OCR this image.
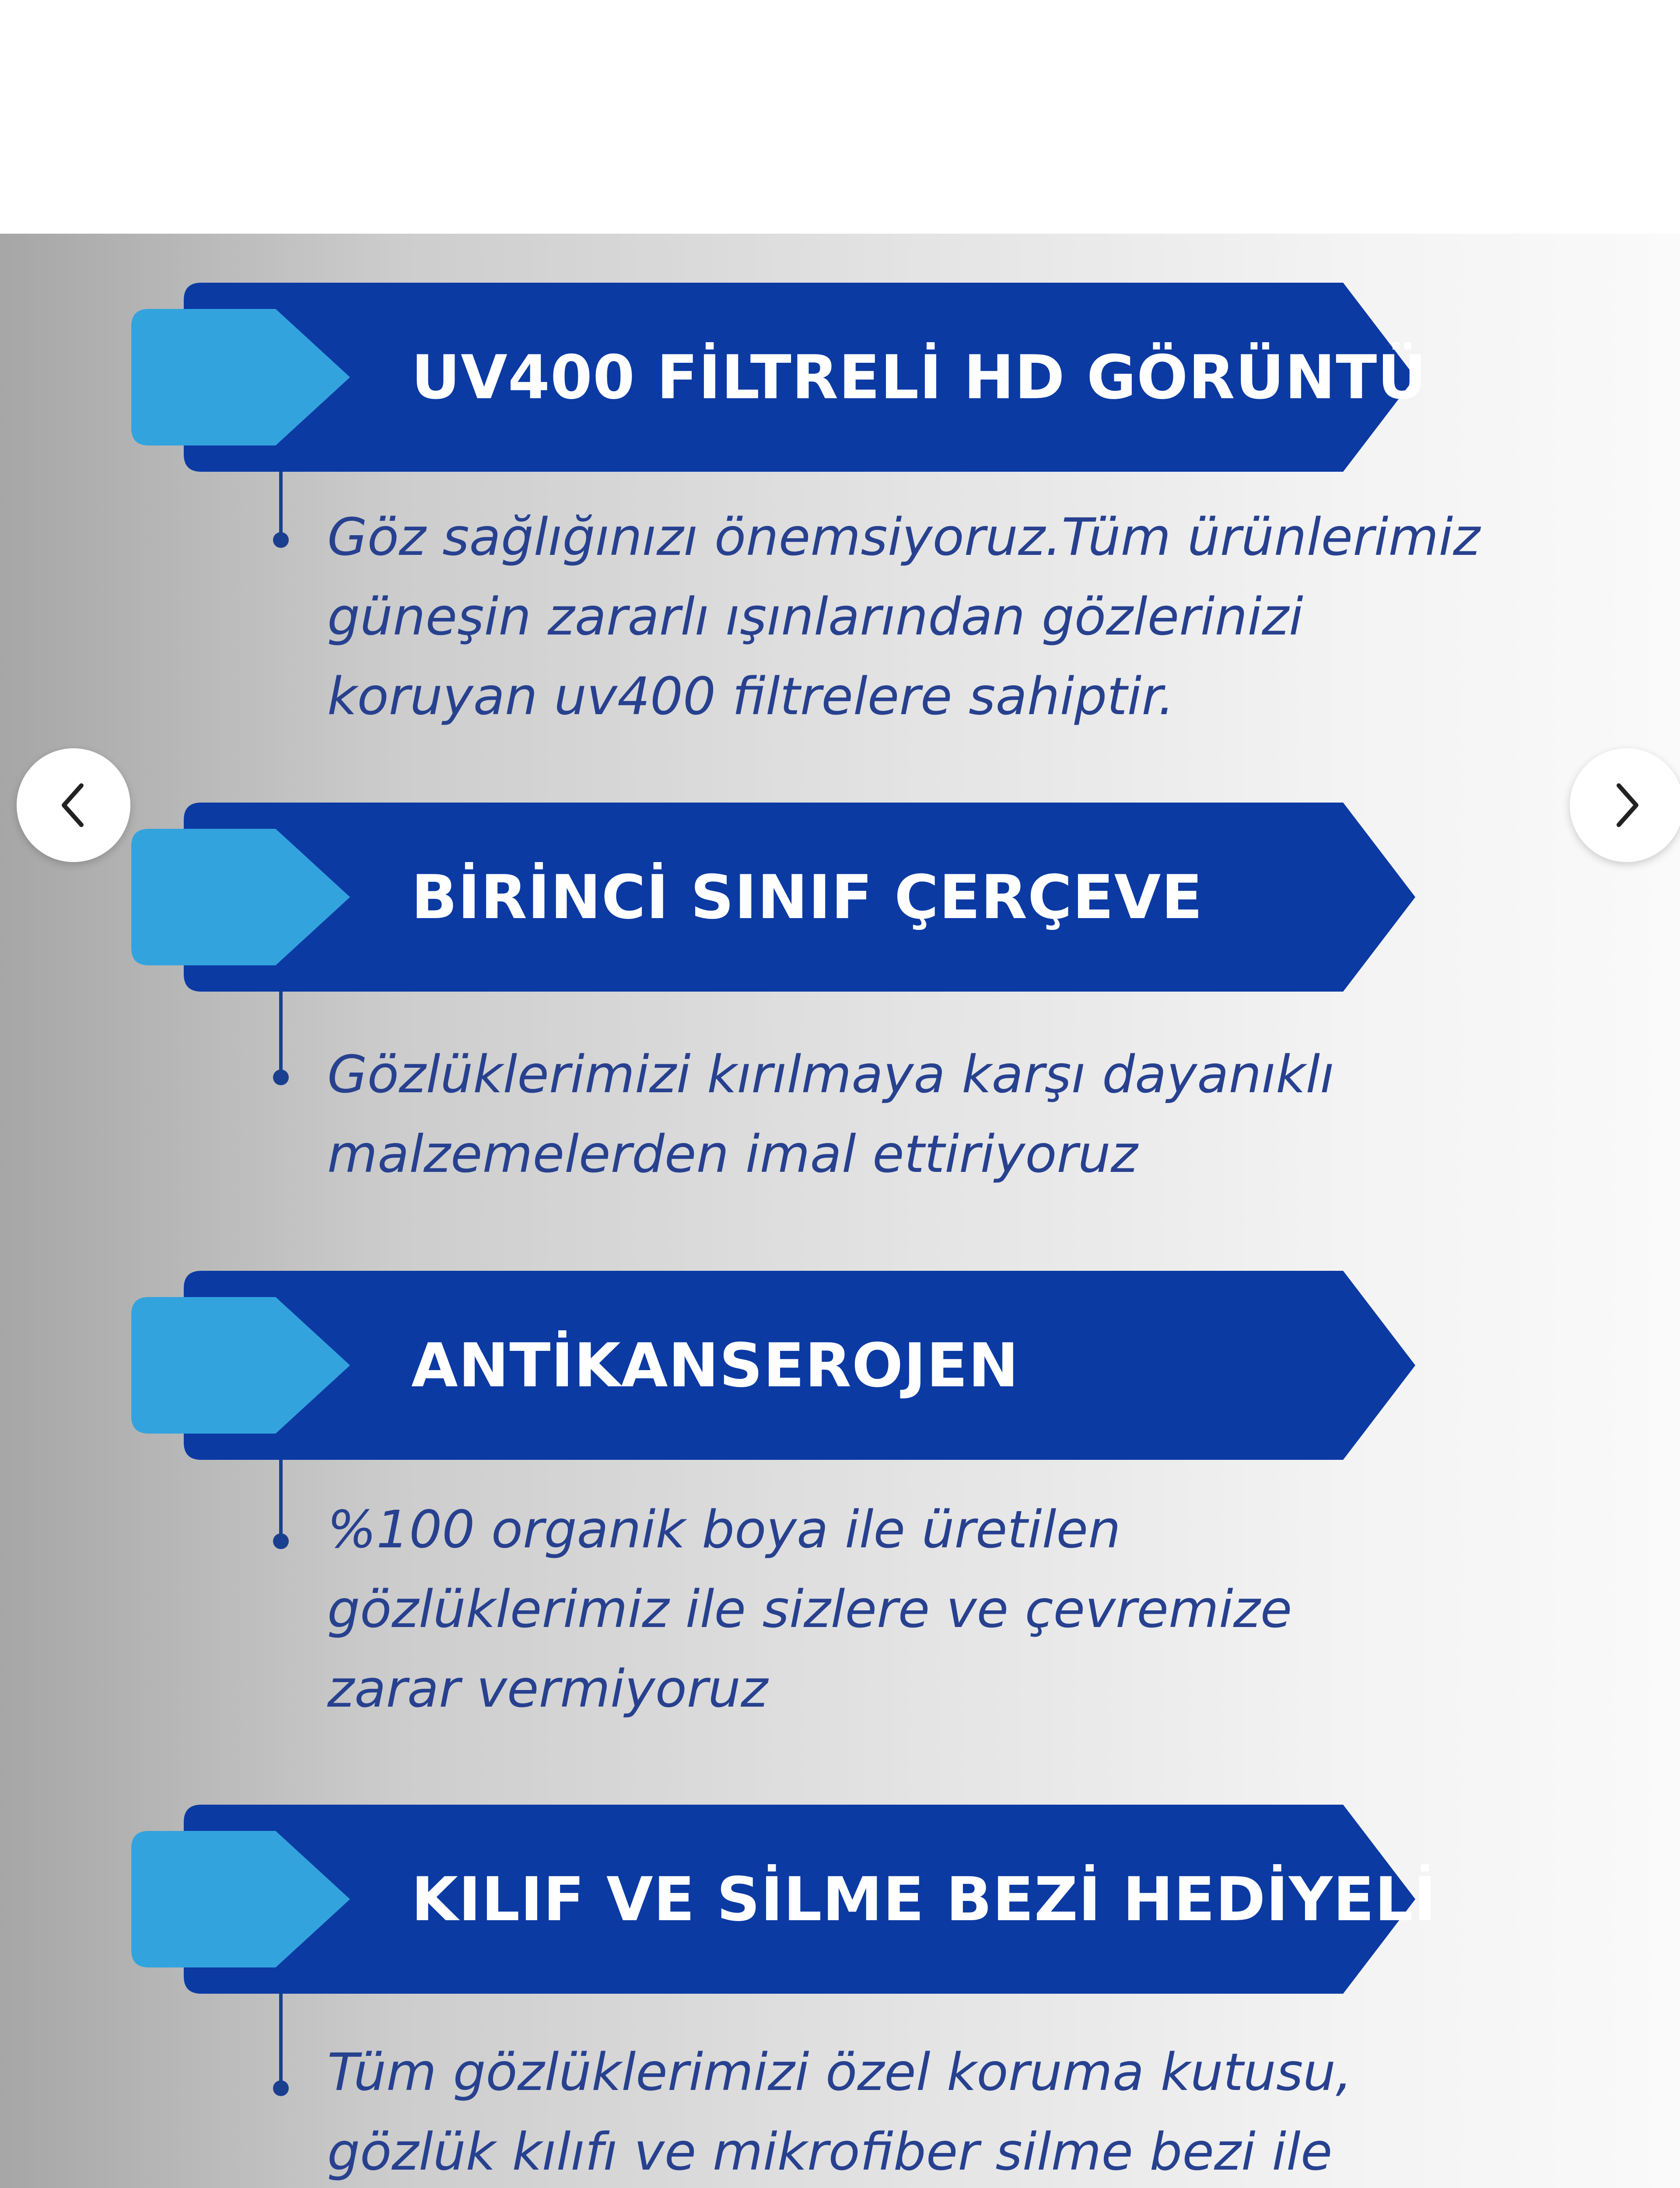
UV400 FİLTRELİ HD GÖRÜNTÜ

Göz sağlığınızı önemsiyoruz.Tüm ürünlerimiz

güneşin zararlı ışınlarından gözlerinizi

koruyan uv400 filtrelere sahiptir.

BİRİNCİ SINIF ÇERÇEVE

Gözlüklerimizi kırılmaya karşı dayanıklı

malzemelerden imal ettiriyoruz

ANTİKANSEROJEN

%100 organik boya ile üretilen

gözlüklerimiz ile sizlere ve çevremize

zarar vermiyoruz

KILIF VE SİLME BEZİ HEDİYELİ

Tüm gözlüklerimizi özel koruma kutusu,

gözlük kılıfı ve mikrofiber silme bezi ile
